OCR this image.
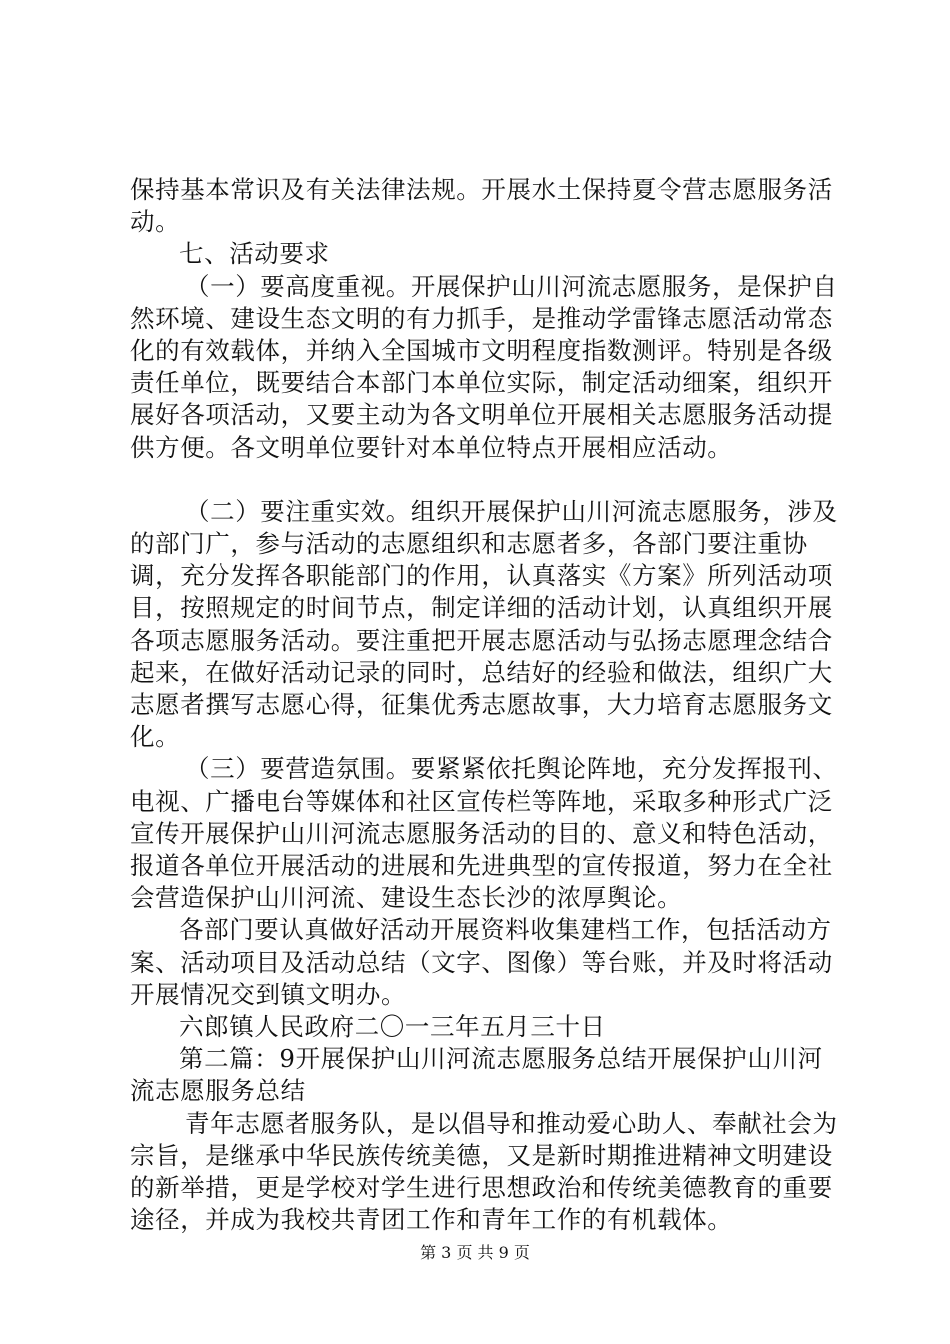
保持基本常识及有关法律法规。开展水土保持夏令营志愿服务活动。

七、活动要求

（一）要高度重视。开展保护山川河流志愿服务，是保护自然环境、建设生态文明的有力抓手，是推动学雷锋志愿活动常态化的有效载体，并纳入全国城市文明程度指数测评。特别是各级责任单位，既要结合本部门本单位实际，制定活动细案，组织开展好各项活动，又要主动为各文明单位开展相关志愿服务活动提供方便。各文明单位要针对本单位特点开展相应活动。

（二）要注重实效。组织开展保护山川河流志愿服务，涉及的部门广，参与活动的志愿组织和志愿者多，各部门要注重协调，充分发挥各职能部门的作用，认真落实《方案》所列活动项目，按照规定的时间节点，制定详细的活动计划，认真组织开展各项志愿服务活动。要注重把开展志愿活动与弘扬志愿理念结合起来，在做好活动记录的同时，总结好的经验和做法，组织广大志愿者撰写志愿心得，征集优秀志愿故事，大力培育志愿服务文化。

（三）要营造氛围。要紧紧依托舆论阵地，充分发挥报刊、电视、广播电台等媒体和社区宣传栏等阵地，采取多种形式广泛宣传开展保护山川河流志愿服务活动的目的、意义和特色活动，报道各单位开展活动的进展和先进典型的宣传报道，努力在全社会营造保护山川河流、建设生态长沙的浓厚舆论。

各部门要认真做好活动开展资料收集建档工作，包括活动方案、活动项目及活动总结（文字、图像）等台账，并及时将活动开展情况交到镇文明办。

六郎镇人民政府二〇一三年五月三十日

第二篇：9开展保护山川河流志愿服务总结开展保护山川河流志愿服务总结

青年志愿者服务队，是以倡导和推动爱心助人、奉献社会为宗旨，是继承中华民族传统美德，又是新时期推进精神文明建设的新举措，更是学校对学生进行思想政治和传统美德教育的重要途径，并成为我校共青团工作和青年工作的有机载体。

第 3 页 共 9 页
